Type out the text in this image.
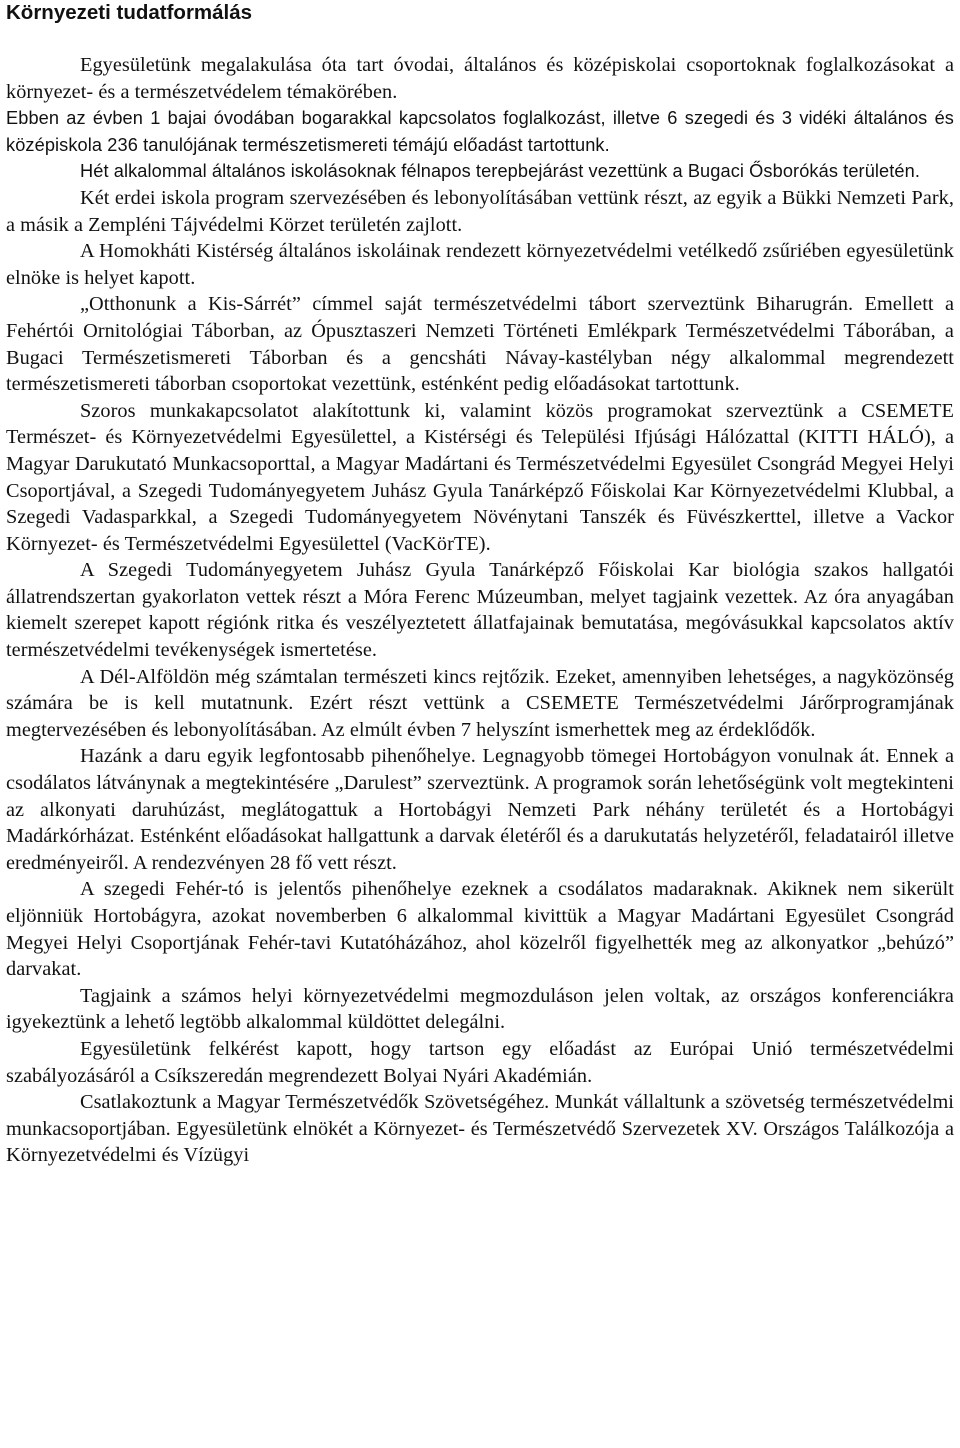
Környezeti tudatformálás

Egyesületünk megalakulása óta tart óvodai, általános és középiskolai csoportoknak foglalkozásokat a környezet- és a természetvédelem témakörében.

Ebben az évben 1 bajai óvodában bogarakkal kapcsolatos foglalkozást, illetve 6 szegedi és 3 vidéki általános és középiskola 236 tanulójának természetismereti témájú előadást tartottunk.

Hét alkalommal általános iskolásoknak félnapos terepbejárást vezettünk a Bugaci Ősborókás területén.

Két erdei iskola program szervezésében és lebonyolításában vettünk részt, az egyik a Bükki Nemzeti Park, a másik a Zempléni Tájvédelmi Körzet területén zajlott.

A Homokháti Kistérség általános iskoláinak rendezett környezetvédelmi vetélkedő zsűriében egyesületünk elnöke is helyet kapott.

„Otthonunk a Kis-Sárrét” címmel saját természetvédelmi tábort szerveztünk Biharugrán. Emellett a Fehértói Ornitológiai Táborban, az Ópusztaszeri Nemzeti Történeti Emlékpark Természetvédelmi Táborában, a Bugaci Természetismereti Táborban és a gencsháti Návay-kastélyban négy alkalommal megrendezett természetismereti táborban csoportokat vezettünk, esténként pedig előadásokat tartottunk.

Szoros munkakapcsolatot alakítottunk ki, valamint közös programokat szerveztünk a CSEMETE Természet- és Környezetvédelmi Egyesülettel, a Kistérségi és Települési Ifjúsági Hálózattal (KITTI HÁLÓ), a Magyar Darukutató Munkacsoporttal, a Magyar Madártani és Természetvédelmi Egyesület Csongrád Megyei Helyi Csoportjával, a Szegedi Tudományegyetem Juhász Gyula Tanárképző Főiskolai Kar Környezetvédelmi Klubbal, a Szegedi Vadasparkkal, a Szegedi Tudományegyetem Növénytani Tanszék és Füvészkerttel, illetve a Vackor Környezet- és Természetvédelmi Egyesülettel (VacKörTE).

A Szegedi Tudományegyetem Juhász Gyula Tanárképző Főiskolai Kar biológia szakos hallgatói állatrendszertan gyakorlaton vettek részt a Móra Ferenc Múzeumban, melyet tagjaink vezettek. Az óra anyagában kiemelt szerepet kapott régiónk ritka és veszélyeztetett állatfajainak bemutatása, megóvásukkal kapcsolatos aktív természetvédelmi tevékenységek ismertetése.

A Dél-Alföldön még számtalan természeti kincs rejtőzik. Ezeket, amennyiben lehetséges, a nagyközönség számára be is kell mutatnunk. Ezért részt vettünk a CSEMETE Természetvédelmi Járőrprogramjának megtervezésében és lebonyolításában. Az elmúlt évben 7 helyszínt ismerhettek meg az érdeklődők.

Hazánk a daru egyik legfontosabb pihenőhelye. Legnagyobb tömegei Hortobágyon vonulnak át. Ennek a csodálatos látványnak a megtekintésére „Darulest” szerveztünk. A programok során lehetőségünk volt megtekinteni az alkonyati daruhúzást, meglátogattuk a Hortobágyi Nemzeti Park néhány területét és a Hortobágyi Madárkórházat. Esténként előadásokat hallgattunk a darvak életéről és a darukutatás helyzetéről, feladatairól illetve eredményeiről. A rendezvényen 28 fő vett részt.

A szegedi Fehér-tó is jelentős pihenőhelye ezeknek a csodálatos madaraknak. Akiknek nem sikerült eljönniük Hortobágyra, azokat novemberben 6 alkalommal kivittük a Magyar Madártani Egyesület Csongrád Megyei Helyi Csoportjának Fehér-tavi Kutatóházához, ahol közelről figyelhették meg az alkonyatkor „behúzó” darvakat.

Tagjaink a számos helyi környezetvédelmi megmozduláson jelen voltak, az országos konferenciákra igyekeztünk a lehető legtöbb alkalommal küldöttet delegálni.

Egyesületünk felkérést kapott, hogy tartson egy előadást az Európai Unió természetvédelmi szabályozásáról a Csíkszeredán megrendezett Bolyai Nyári Akadémián.

Csatlakoztunk a Magyar Természetvédők Szövetségéhez. Munkát vállaltunk a szövetség természetvédelmi munkacsoportjában. Egyesületünk elnökét a Környezet- és Természetvédő Szervezetek XV. Országos Találkozója a Környezetvédelmi és Vízügyi
